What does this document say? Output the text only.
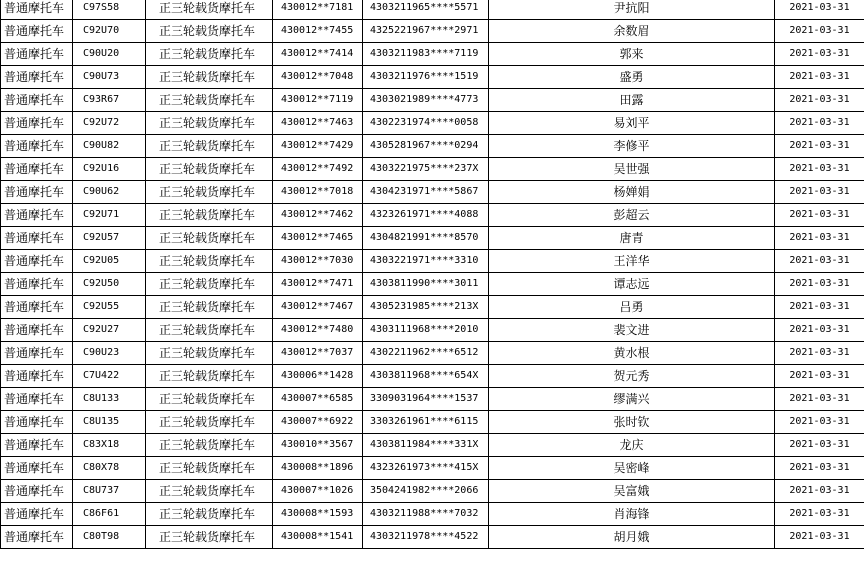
普通摩托车	C97S58	正三轮载货摩托车	430012**7181	4303211965****5571	尹抗阳	2021-03-31
普通摩托车	C92U70	正三轮载货摩托车	430012**7455	4325221967****2971	余数眉	2021-03-31
普通摩托车	C90U20	正三轮载货摩托车	430012**7414	4303211983****7119	郭来	2021-03-31
普通摩托车	C90U73	正三轮载货摩托车	430012**7048	4303211976****1519	盛勇	2021-03-31
普通摩托车	C93R67	正三轮载货摩托车	430012**7119	4303021989****4773	田露	2021-03-31
普通摩托车	C92U72	正三轮载货摩托车	430012**7463	4302231974****0058	易刘平	2021-03-31
普通摩托车	C90U82	正三轮载货摩托车	430012**7429	4305281967****0294	李修平	2021-03-31
普通摩托车	C92U16	正三轮载货摩托车	430012**7492	4303221975****237X	吴世强	2021-03-31
普通摩托车	C90U62	正三轮载货摩托车	430012**7018	4304231971****5867	杨婵娟	2021-03-31
普通摩托车	C92U71	正三轮载货摩托车	430012**7462	4323261971****4088	彭超云	2021-03-31
普通摩托车	C92U57	正三轮载货摩托车	430012**7465	4304821991****8570	唐青	2021-03-31
普通摩托车	C92U05	正三轮载货摩托车	430012**7030	4303221971****3310	王洋华	2021-03-31
普通摩托车	C92U50	正三轮载货摩托车	430012**7471	4303811990****3011	谭志远	2021-03-31
普通摩托车	C92U55	正三轮载货摩托车	430012**7467	4305231985****213X	吕勇	2021-03-31
普通摩托车	C92U27	正三轮载货摩托车	430012**7480	4303111968****2010	裴文进	2021-03-31
普通摩托车	C90U23	正三轮载货摩托车	430012**7037	4302211962****6512	黄水根	2021-03-31
普通摩托车	C7U422	正三轮载货摩托车	430006**1428	4303811968****654X	贺元秀	2021-03-31
普通摩托车	C8U133	正三轮载货摩托车	430007**6585	3309031964****1537	缪满兴	2021-03-31
普通摩托车	C8U135	正三轮载货摩托车	430007**6922	3303261961****6115	张时钦	2021-03-31
普通摩托车	C83X18	正三轮载货摩托车	430010**3567	4303811984****331X	龙庆	2021-03-31
普通摩托车	C80X78	正三轮载货摩托车	430008**1896	4323261973****415X	吴密峰	2021-03-31
普通摩托车	C8U737	正三轮载货摩托车	430007**1026	3504241982****2066	吴富娥	2021-03-31
普通摩托车	C86F61	正三轮载货摩托车	430008**1593	4303211988****7032	肖海锋	2021-03-31
普通摩托车	C80T98	正三轮载货摩托车	430008**1541	4303211978****4522	胡月娥	2021-03-31
